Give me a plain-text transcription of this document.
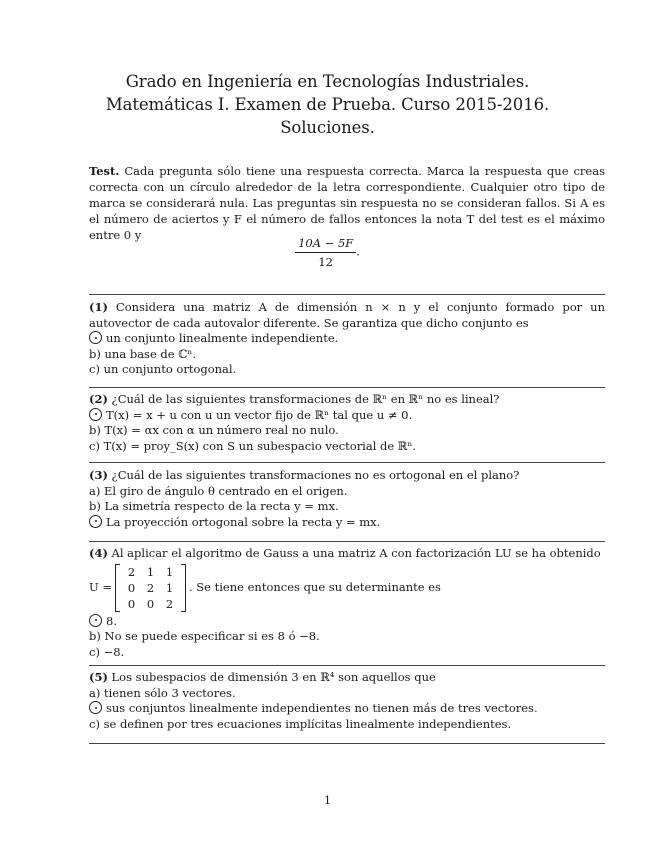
Grado en Ingeniería en Tecnologías Industriales.
Matemáticas I. Examen de Prueba. Curso 2015-2016.
Soluciones.
Test. Cada pregunta sólo tiene una respuesta correcta. Marca la respuesta que creas correcta con un círculo alrededor de la letra correspondiente. Cualquier otro tipo de marca se considerará nula. Las preguntas sin respuesta no se consideran fallos. Si A es el número de aciertos y F el número de fallos entonces la nota T del test es el máximo entre 0 y
$\frac{10A - 5F}{12}$ .

(1) Considera una matriz A de dimensión n × n y el conjunto formado por un autovector de cada autovalor diferente. Se garantiza que dicho conjunto es

un conjunto linealmente independiente.

b) una base de ℂⁿ.

c) un conjunto ortogonal.

(2) ¿Cuál de las siguientes transformaciones de ℝⁿ en ℝⁿ no es lineal?

T(x) = x + u con u un vector fijo de ℝⁿ tal que u ≠ 0.

b) T(x) = αx con α un número real no nulo.

c) T(x) = proy_S(x) con S un subespacio vectorial de ℝⁿ.

(3) ¿Cuál de las siguientes transformaciones no es ortogonal en el plano?

a) El giro de ángulo θ centrado en el origen.

b) La simetría respecto de la recta y = mx.

La proyección ortogonal sobre la recta y = mx.

(4) Al aplicar el algoritmo de Gauss a una matriz A con factorización LU se ha obtenido

U =
2	1	1
0	2	1
0	0	2
. Se tiene entonces que su determinante es

8.

b) No se puede especificar si es 8 ó −8.

c) −8.

(5) Los subespacios de dimensión 3 en ℝ⁴ son aquellos que

a) tienen sólo 3 vectores.

sus conjuntos linealmente independientes no tienen más de tres vectores.

c) se definen por tres ecuaciones implícitas linealmente independientes.

1
